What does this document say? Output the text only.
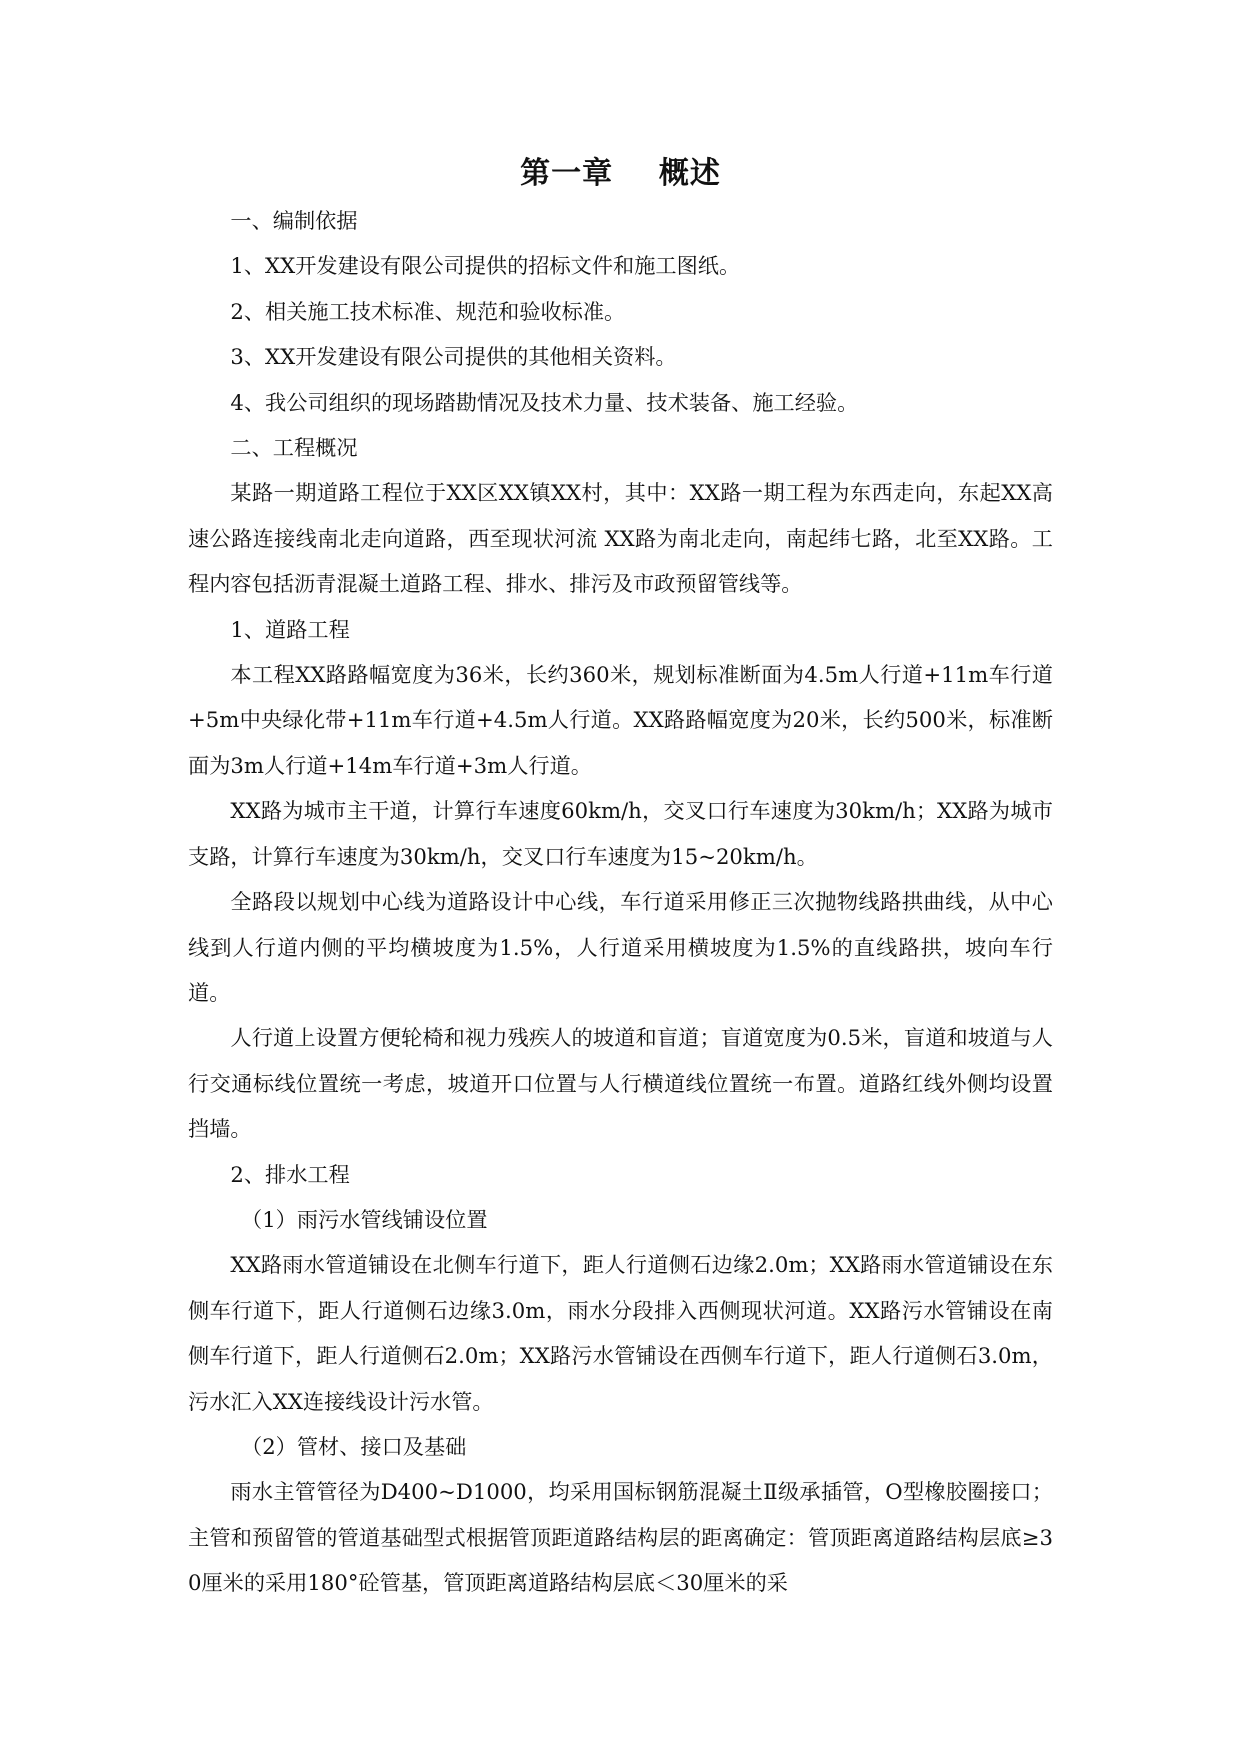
第一章    概述

一、编制依据

1、XX开发建设有限公司提供的招标文件和施工图纸。

2、相关施工技术标准、规范和验收标准。

3、XX开发建设有限公司提供的其他相关资料。

4、我公司组织的现场踏勘情况及技术力量、技术装备、施工经验。

二、工程概况

某路一期道路工程位于XX区XX镇XX村，其中：XX路一期工程为东西走向，东起XX高速公路连接线南北走向道路，西至现状河流 XX路为南北走向，南起纬七路，北至XX路。工程内容包括沥青混凝土道路工程、排水、排污及市政预留管线等。

1、道路工程

本工程XX路路幅宽度为36米，长约360米，规划标准断面为4.5m人行道+11m车行道+5m中央绿化带+11m车行道+4.5m人行道。XX路路幅宽度为20米，长约500米，标准断面为3m人行道+14m车行道+3m人行道。

XX路为城市主干道，计算行车速度60km/h，交叉口行车速度为30km/h；XX路为城市支路，计算行车速度为30km/h，交叉口行车速度为15~20km/h。

全路段以规划中心线为道路设计中心线，车行道采用修正三次抛物线路拱曲线，从中心线到人行道内侧的平均横坡度为1.5%，人行道采用横坡度为1.5%的直线路拱，坡向车行道。

人行道上设置方便轮椅和视力残疾人的坡道和盲道；盲道宽度为0.5米，盲道和坡道与人行交通标线位置统一考虑，坡道开口位置与人行横道线位置统一布置。道路红线外侧均设置挡墙。

2、排水工程

（1）雨污水管线铺设位置

XX路雨水管道铺设在北侧车行道下，距人行道侧石边缘2.0m；XX路雨水管道铺设在东侧车行道下，距人行道侧石边缘3.0m，雨水分段排入西侧现状河道。XX路污水管铺设在南侧车行道下，距人行道侧石2.0m；XX路污水管铺设在西侧车行道下，距人行道侧石3.0m，污水汇入XX连接线设计污水管。

（2）管材、接口及基础

雨水主管管径为D400~D1000，均采用国标钢筋混凝土Ⅱ级承插管，O型橡胶圈接口；主管和预留管的管道基础型式根据管顶距道路结构层的距离确定：管顶距离道路结构层底≥30厘米的采用180°砼管基，管顶距离道路结构层底＜30厘米的采
